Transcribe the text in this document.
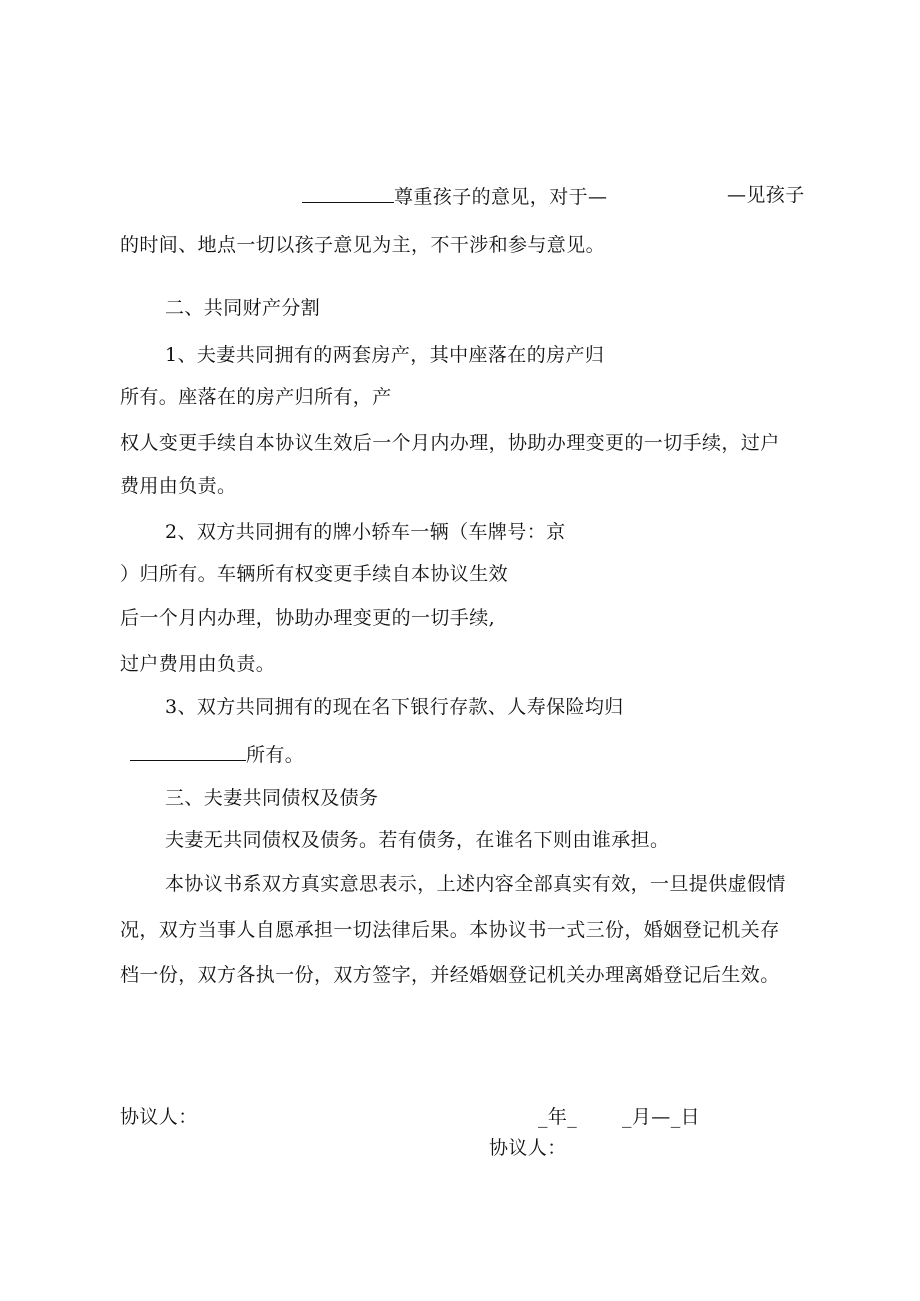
尊重孩子的意见，对于—	—见孩子
的时间、地点一切以孩子意见为主，不干涉和参与意见。
二、共同财产分割
1、夫妻共同拥有的两套房产，其中座落在的房产归
所有。座落在的房产归所有，产
权人变更手续自本协议生效后一个月内办理，协助办理变更的一切手续，过户
费用由负责。
2、双方共同拥有的牌小轿车一辆（车牌号：京
）归所有。车辆所有权变更手续自本协议生效
后一个月内办理，协助办理变更的一切手续,
过户费用由负责。
3、双方共同拥有的现在名下银行存款、人寿保险均归
所有。
三、夫妻共同债权及债务
夫妻无共同债权及债务。若有债务，在谁名下则由谁承担。
本协议书系双方真实意思表示，上述内容全部真实有效，一旦提供虚假情
况，双方当事人自愿承担一切法律后果。本协议书一式三份，婚姻登记机关存
档一份，双方各执一份，双方签字，并经婚姻登记机关办理离婚登记后生效。
协议人：	_年_ _月—_日
协议人：
